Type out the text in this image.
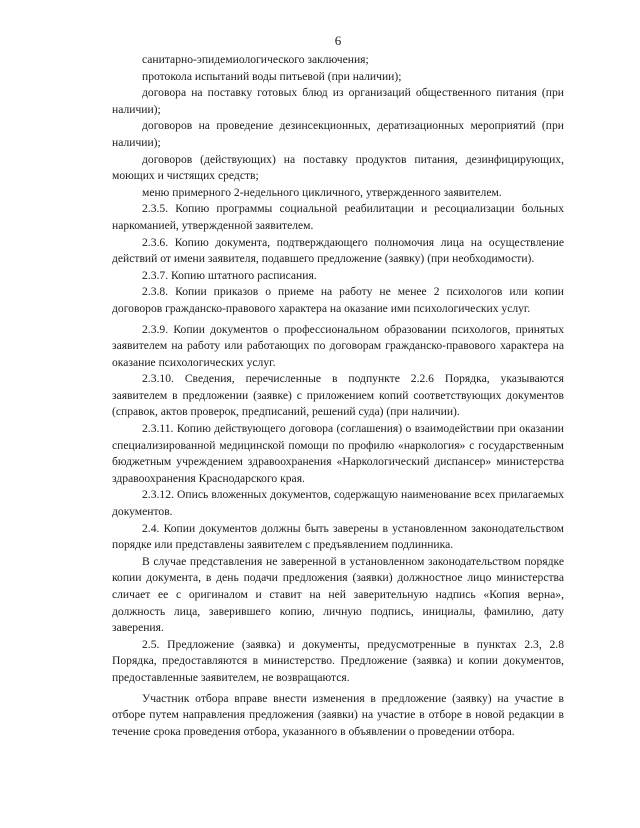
6

санитарно-эпидемиологического заключения;

протокола испытаний воды питьевой (при наличии);

договора на поставку готовых блюд из организаций общественного питания (при наличии);

договоров на проведение дезинсекционных, дератизационных мероприятий (при наличии);

договоров (действующих) на поставку продуктов питания, дезинфицирующих, моющих и чистящих средств;

меню примерного 2-недельного цикличного, утвержденного заявителем.

2.3.5. Копию программы социальной реабилитации и ресоциализации больных наркоманией, утвержденной заявителем.

2.3.6. Копию документа, подтверждающего полномочия лица на осуществление действий от имени заявителя, подавшего предложение (заявку) (при необходимости).

2.3.7. Копию штатного расписания.

2.3.8. Копии приказов о приеме на работу не менее 2 психологов или копии договоров гражданско-правового характера на оказание ими психологических услуг.

2.3.9. Копии документов о профессиональном образовании психологов, принятых заявителем на работу или работающих по договорам гражданско-правового характера на оказание психологических услуг.

2.3.10. Сведения, перечисленные в подпункте 2.2.6 Порядка, указываются заявителем в предложении (заявке) с приложением копий соответствующих документов (справок, актов проверок, предписаний, решений суда) (при наличии).

2.3.11. Копию действующего договора (соглашения) о взаимодействии при оказании специализированной медицинской помощи по профилю «наркология» с государственным бюджетным учреждением здравоохранения «Наркологический диспансер» министерства здравоохранения Краснодарского края.

2.3.12. Опись вложенных документов, содержащую наименование всех прилагаемых документов.

2.4. Копии документов должны быть заверены в установленном законодательством порядке или представлены заявителем с предъявлением подлинника.

В случае представления не заверенной в установленном законодательством порядке копии документа, в день подачи предложения (заявки) должностное лицо министерства сличает ее с оригиналом и ставит на ней заверительную надпись «Копия верна», должность лица, заверившего копию, личную подпись, инициалы, фамилию, дату заверения.

2.5. Предложение (заявка) и документы, предусмотренные в пунктах 2.3, 2.8 Порядка, предоставляются в министерство. Предложение (заявка) и копии документов, предоставленные заявителем, не возвращаются.

Участник отбора вправе внести изменения в предложение (заявку) на участие в отборе путем направления предложения (заявки) на участие в отборе в новой редакции в течение срока проведения отбора, указанного в объявлении о проведении отбора.
